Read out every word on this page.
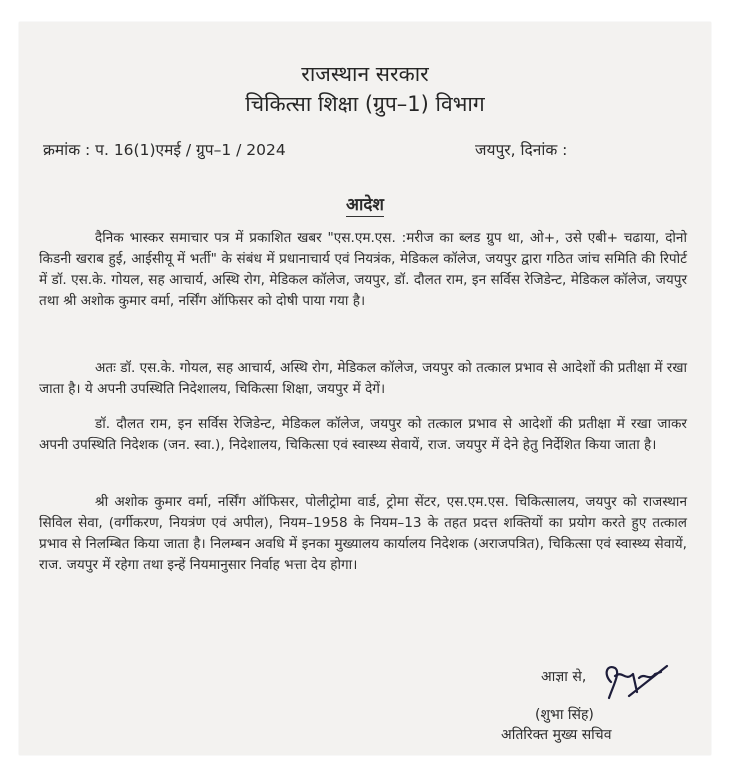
राजस्थान सरकार
चिकित्सा शिक्षा (ग्रुप–1) विभाग
क्रमांक : प. 16(1)एमई / ग्रुप–1 / 2024	जयपुर, दिनांक :
आदेश

दैनिक भास्कर समाचार पत्र में प्रकाशित खबर "एस.एम.एस. :मरीज का ब्लड ग्रुप था, ओ+, उसे एबी+ चढाया, दोनो किडनी खराब हुई, आईसीयू में भर्ती" के संबंध में प्रधानाचार्य एवं नियत्रंक, मेडिकल कॉलेज, जयपुर द्वारा गठित जांच समिति की रिपोर्ट में डॉ. एस.के. गोयल, सह आचार्य, अस्थि रोग, मेडिकल कॉलेज, जयपुर, डॉ. दौलत राम, इन सर्विस रेजिडेन्ट, मेडिकल कॉलेज, जयपुर तथा श्री अशोक कुमार वर्मा, नर्सिंग ऑफिसर को दोषी पाया गया है।

अतः डॉ. एस.के. गोयल, सह आचार्य, अस्थि रोग, मेडिकल कॉलेज, जयपुर को तत्काल प्रभाव से आदेशों की प्रतीक्षा में रखा जाता है। ये अपनी उपस्थिति निदेशालय, चिकित्सा शिक्षा, जयपुर में देगें।

डॉ. दौलत राम, इन सर्विस रेजिडेन्ट, मेडिकल कॉलेज, जयपुर को तत्काल प्रभाव से आदेशों की प्रतीक्षा में रखा जाकर अपनी उपस्थिति निदेशक (जन. स्वा.), निदेशालय, चिकित्सा एवं स्वास्थ्य सेवायें, राज. जयपुर में देने हेतु निर्देशित किया जाता है।

श्री अशोक कुमार वर्मा, नर्सिंग ऑफिसर, पोलीट्रोमा वार्ड, ट्रोमा सेंटर, एस.एम.एस. चिकित्सालय, जयपुर को राजस्थान सिविल सेवा, (वर्गीकरण, नियत्रंण एवं अपील), नियम–1958 के नियम–13 के तहत प्रदत्त शक्तियों का प्रयोग करते हुए तत्काल प्रभाव से निलम्बित किया जाता है। निलम्बन अवधि में इनका मुख्यालय कार्यालय निदेशक (अराजपत्रित), चिकित्सा एवं स्वास्थ्य सेवायें, राज. जयपुर में रहेगा तथा इन्हें नियमानुसार निर्वाह भत्ता देय होगा।

आज्ञा से,
(शुभा सिंह)
अतिरिक्त मुख्य सचिव
